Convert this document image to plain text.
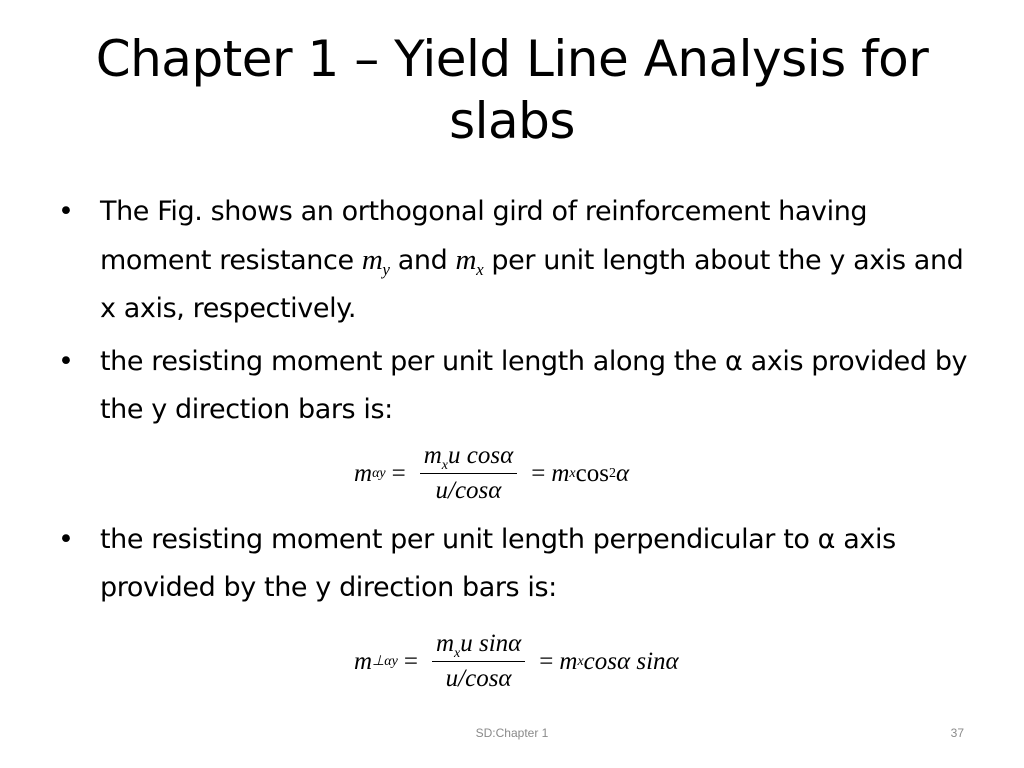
Chapter 1 – Yield Line Analysis for
slabs

• The Fig. shows an orthogonal gird of reinforcement having moment resistance $m_y$ and $m_x$ per unit length about the y axis and x axis, respectively.

• the resisting moment per unit length along the α axis provided by the y direction bars is:

• the resisting moment per unit length perpendicular to α axis provided by the y direction bars is:

m $\alpha y = \frac{m_xu \cos\alpha}{u/\cos\alpha} = m$ x cos 2 α
m ⊥αy = $\frac{m_xu \sin\alpha}{u/\cos\alpha} = m$ x cosα sinα
SD:Chapter 1	37
